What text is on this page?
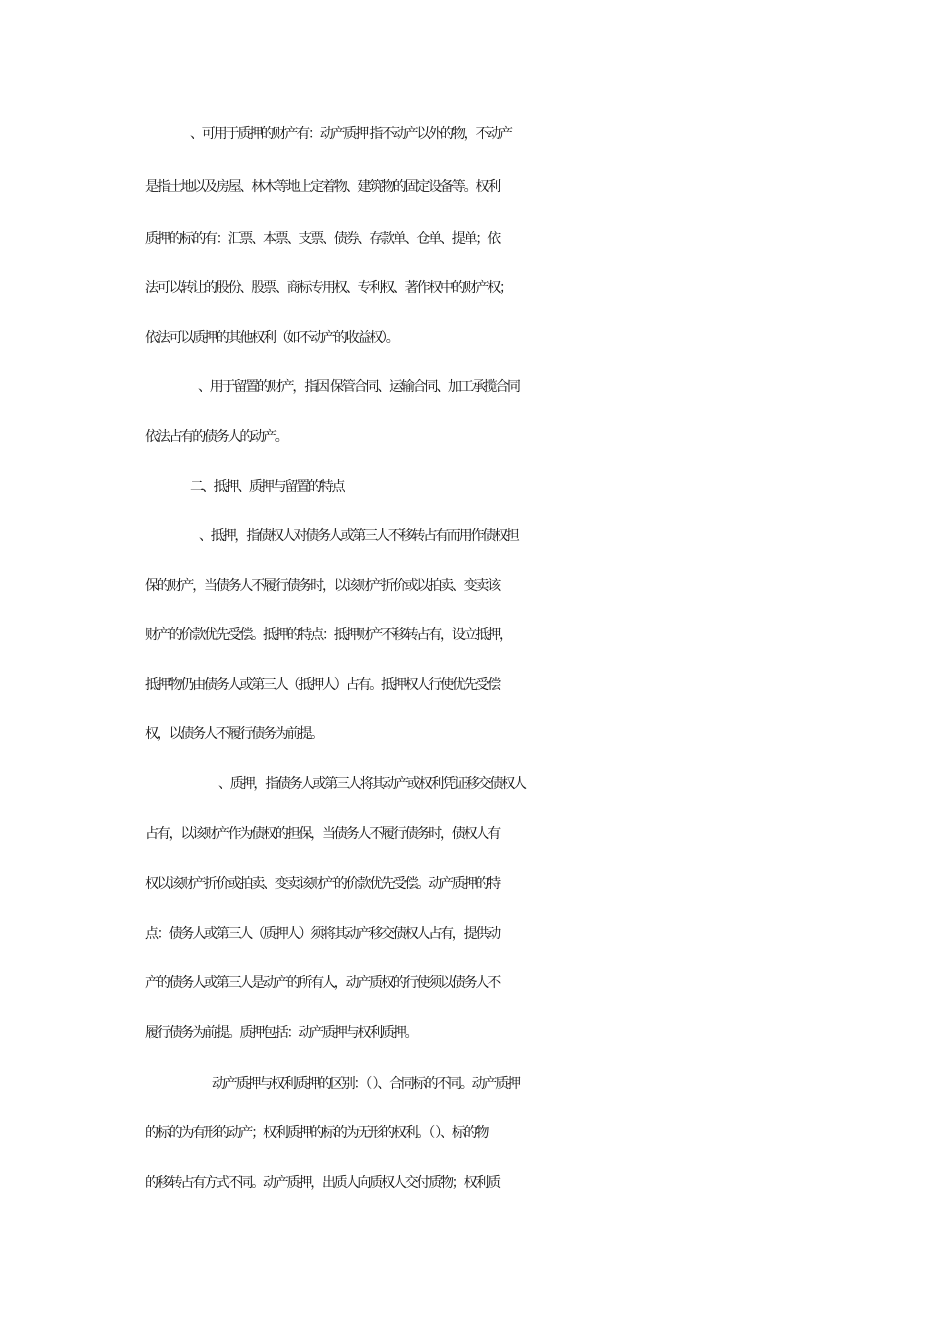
、可用于质押的财产有：动产质押 指不动产以外的物，不动产
是指土地以及房屋、林木等地上定着物、建筑物的固定设备等。权利
质押的标的有：汇票、本票、支票、债券、存款单、仓单、提单；依
法可以转让的股份、股票、商标专用权、专利权、著作权中的财产权；
依法可以质押的其他权利（如不动产的收益权）。
、用于留置的财产，指因 保管合同、运输合同、加工承揽合同
依法占有的债务人的动产。
二、抵押、质押与留置的特点
、抵押，指债权人对债务人或第三人不移转占有而用作债权担
保的财产，当债务人不履行债务时，以该财产折价或以拍卖、变卖该
财产的价款优先受偿。抵押的特点：抵押财产不移转占有，设立抵押，
抵押物仍由债务人或第三人（抵押人）占有。抵押权人行使优先受偿
权，以债务人不履行债务为前提。
、质押，指债务人或第三人将其动产或权利凭证移交债权人
占有，以该财产作为债权的担保，当债务人不履行债务时，债权人有
权以该财产折价或拍卖、变卖该财产的价款优先受偿。动产质押的特
点：债务人或第三人（质押人）须将其动产移交债权人占有，提供动
产的债务人或第三人是动产的所有人，动产质权的行使须以债务人不
履行债务为前提。质押包括：动产质押与权利质押。
动产质押与权利质押的区别：（ ）、合同标的不同。动产质押
的标的为有形的动产；权利质押的标的为无形的权利。（ ）、标的物
的移转占有方式不同。动产质押，出质人向质权人交付质物；权利质
